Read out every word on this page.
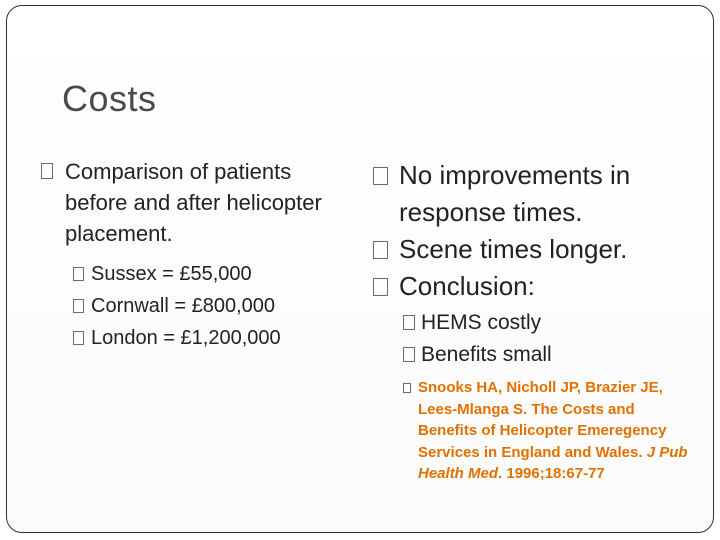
Costs
Comparison of patients before and after helicopter placement.
Sussex = £55,000
Cornwall = £800,000
London = £1,200,000
No improvements in response times.
Scene times longer.
Conclusion:
HEMS costly
Benefits small
Snooks HA, Nicholl JP, Brazier JE, Lees-Mlanga S. The Costs and Benefits of Helicopter Emeregency Services in England and Wales. J Pub Health Med. 1996;18:67-77
